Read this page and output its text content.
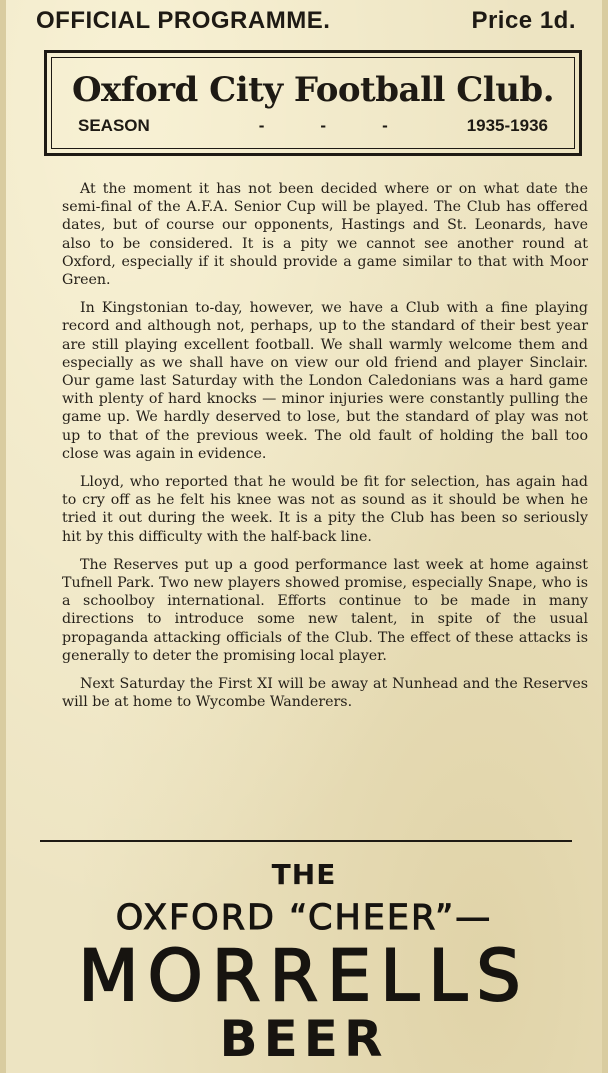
OFFICIAL PROGRAMME.	Price 1d.
Oxford City Football Club.
SEASON	-	-	-	1935-1936

At the moment it has not been decided where or on what date the semi-final of the A.F.A. Senior Cup will be played. The Club has offered dates, but of course our opponents, Hastings and St. Leonards, have also to be considered. It is a pity we cannot see another round at Oxford, especially if it should provide a game similar to that with Moor Green.

In Kingstonian to-day, however, we have a Club with a fine playing record and although not, perhaps, up to the standard of their best year are still playing excellent football. We shall warmly welcome them and especially as we shall have on view our old friend and player Sinclair. Our game last Saturday with the London Caledonians was a hard game with plenty of hard knocks — minor injuries were constantly pulling the game up. We hardly deserved to lose, but the standard of play was not up to that of the previous week. The old fault of holding the ball too close was again in evidence.

Lloyd, who reported that he would be fit for selection, has again had to cry off as he felt his knee was not as sound as it should be when he tried it out during the week. It is a pity the Club has been so seriously hit by this difficulty with the half-back line.

The Reserves put up a good performance last week at home against Tufnell Park. Two new players showed promise, especially Snape, who is a schoolboy international. Efforts continue to be made in many directions to introduce some new talent, in spite of the usual propaganda attacking officials of the Club. The effect of these attacks is generally to deter the promising local player.

Next Saturday the First XI will be away at Nunhead and the Reserves will be at home to Wycombe Wanderers.

THE
OXFORD “CHEER”—
MORRELLS
BEER
